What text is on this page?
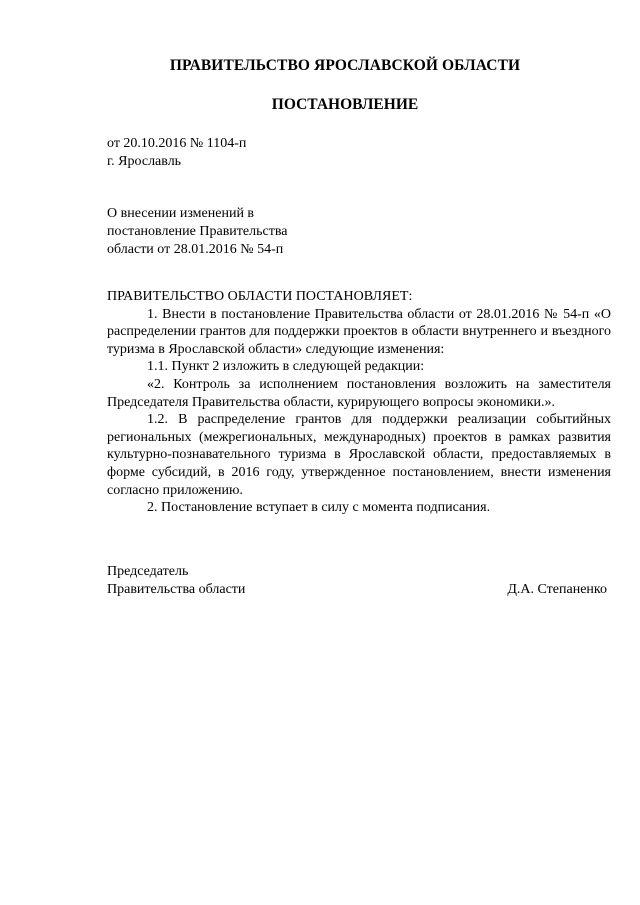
ПРАВИТЕЛЬСТВО ЯРОСЛАВСКОЙ ОБЛАСТИ
ПОСТАНОВЛЕНИЕ
от 20.10.2016 № 1104-п
г. Ярославль
О внесении изменений в
постановление Правительства
области от 28.01.2016 № 54-п

ПРАВИТЕЛЬСТВО ОБЛАСТИ ПОСТАНОВЛЯЕТ:

1. Внести в постановление Правительства области от 28.01.2016 № 54-п «О распределении грантов для поддержки проектов в области внутреннего и въездного туризма в Ярославской области» следующие изменения:

1.1. Пункт 2 изложить в следующей редакции:

«2. Контроль за исполнением постановления возложить на заместителя Председателя Правительства области, курирующего вопросы экономики.».

1.2. В распределение грантов для поддержки реализации событийных региональных (межрегиональных, международных) проектов в рамках развития культурно-познавательного туризма в Ярославской области, предоставляемых в форме субсидий, в 2016 году, утвержденное постановлением, внести изменения согласно приложению.

2. Постановление вступает в силу с момента подписания.

Председатель
Правительства области	Д.А. Степаненко
